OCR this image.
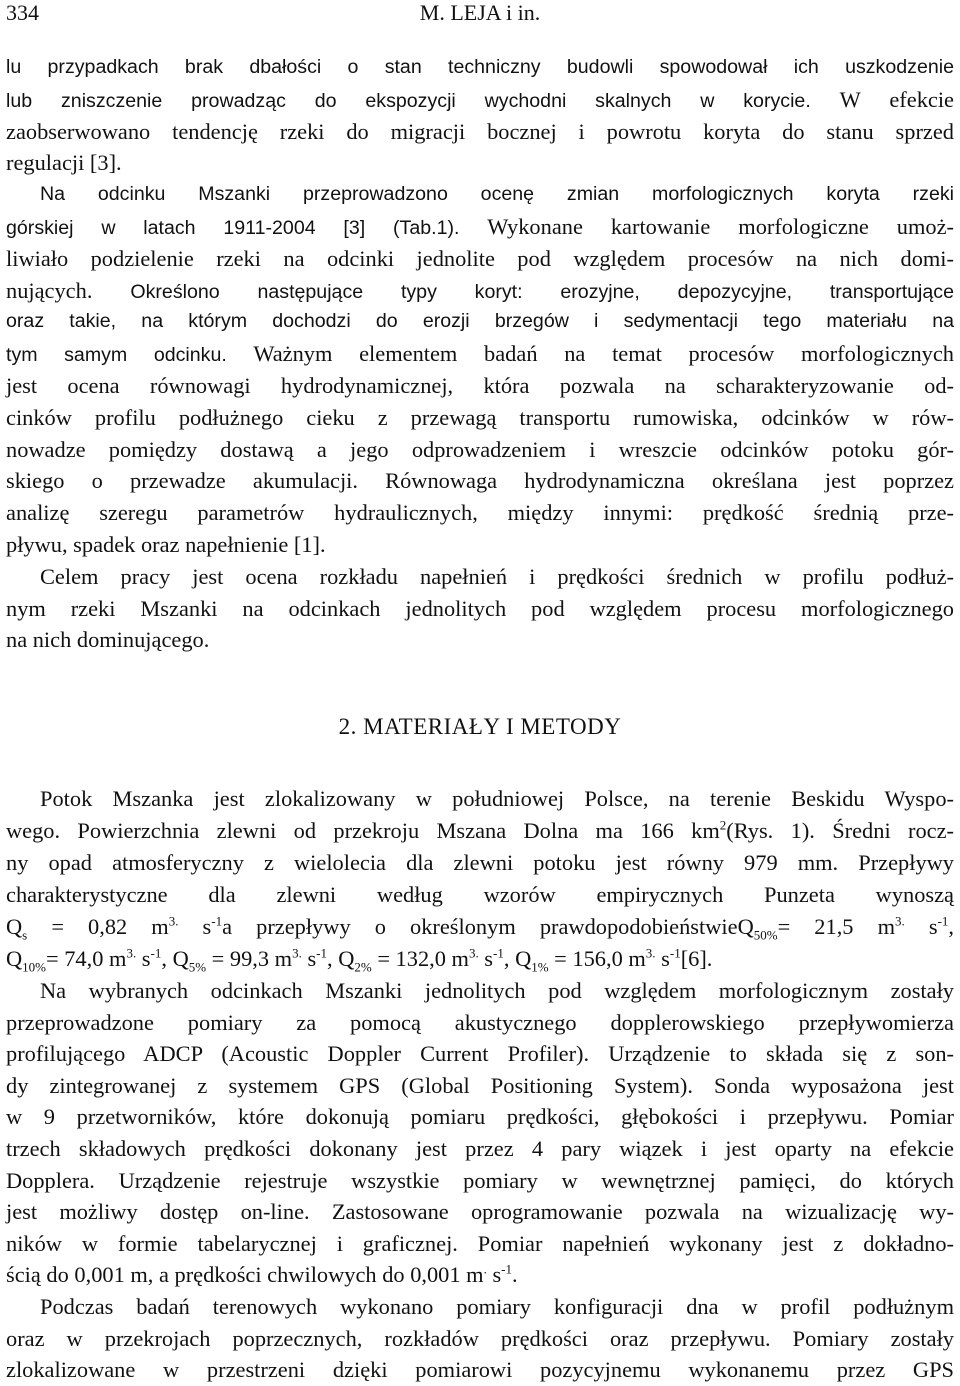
334	M. LEJA i in.
lu przypadkach brak dbałości o stan techniczny budowli spowodował ich uszkodzenie
lub zniszczenie prowadząc do ekspozycji wychodni skalnych w korycie. W efekcie
zaobserwowano tendencję rzeki do migracji bocznej i powrotu koryta do stanu sprzed
regulacji [3].
Na odcinku Mszanki przeprowadzono ocenę zmian morfologicznych koryta rzeki
górskiej w latach 1911-2004 [3] (Tab.1). Wykonane kartowanie morfologiczne umoż-
liwiało podzielenie rzeki na odcinki jednolite pod względem procesów na nich domi-
nujących. Określono następujące typy koryt: erozyjne, depozycyjne, transportujące
oraz takie, na którym dochodzi do erozji brzegów i sedymentacji tego materiału na
tym samym odcinku. Ważnym elementem badań na temat procesów morfologicznych
jest ocena równowagi hydrodynamicznej, która pozwala na scharakteryzowanie od-
cinków profilu podłużnego cieku z przewagą transportu rumowiska, odcinków w rów-
nowadze pomiędzy dostawą a jego odprowadzeniem i wreszcie odcinków potoku gór-
skiego o przewadze akumulacji. Równowaga hydrodynamiczna określana jest poprzez
analizę szeregu parametrów hydraulicznych, między innymi: prędkość średnią prze-
pływu, spadek oraz napełnienie [1].
Celem pracy jest ocena rozkładu napełnień i prędkości średnich w profilu podłuż-
nym rzeki Mszanki na odcinkach jednolitych pod względem procesu morfologicznego
na nich dominującego.
2. MATERIAŁY I METODY
Potok Mszanka jest zlokalizowany w południowej Polsce, na terenie Beskidu Wyspo-
wego. Powierzchnia zlewni od przekroju Mszana Dolna ma 166 $km^2(Rys$. 1). Średni rocz-
ny opad atmosferyczny z wielolecia dla zlewni potoku jest równy 979 mm. Przepływy
charakterystyczne dla zlewni według wzorów empirycznych Punzeta wynoszą
$Q_s = 0,82$ $m^{3.}$ $s^{-1}a$ przepływy o określonym prawdopodobieństwieQ$_{50\%}$= 21,5 $m^{3.}$ $s^{-1}$,
$Q_{10\%}= 74,0$ $m^{3.}$ $s^{-1}$, $Q_{5\%} = 99,3$ $m^{3.}$ $s^{-1}$, $Q_{2\%} = 132,0$ $m^{3.}$ $s^{-1}$, $Q_{1\%} = 156,0$ $m^{3.}$ $s^{-1}[6]$.
Na wybranych odcinkach Mszanki jednolitych pod względem morfologicznym zostały
przeprowadzone pomiary za pomocą akustycznego dopplerowskiego przepływomierza
profilującego ADCP (Acoustic Doppler Current Profiler). Urządzenie to składa się z son-
dy zintegrowanej z systemem GPS (Global Positioning System). Sonda wyposażona jest
w 9 przetworników, które dokonują pomiaru prędkości, głębokości i przepływu. Pomiar
trzech składowych prędkości dokonany jest przez 4 pary wiązek i jest oparty na efekcie
Dopplera. Urządzenie rejestruje wszystkie pomiary w wewnętrznej pamięci, do których
jest możliwy dostęp on-line. Zastosowane oprogramowanie pozwala na wizualizację wy-
ników w formie tabelarycznej i graficznej. Pomiar napełnień wykonany jest z dokładno-
ścią do 0,001 m, a prędkości chwilowych do 0,001 m. $s^{-1}$.
Podczas badań terenowych wykonano pomiary konfiguracji dna w profil podłużnym
oraz w przekrojach poprzecznych, rozkładów prędkości oraz przepływu. Pomiary zostały
zlokalizowane w przestrzeni dzięki pomiarowi pozycyjnemu wykonanemu przez GPS
